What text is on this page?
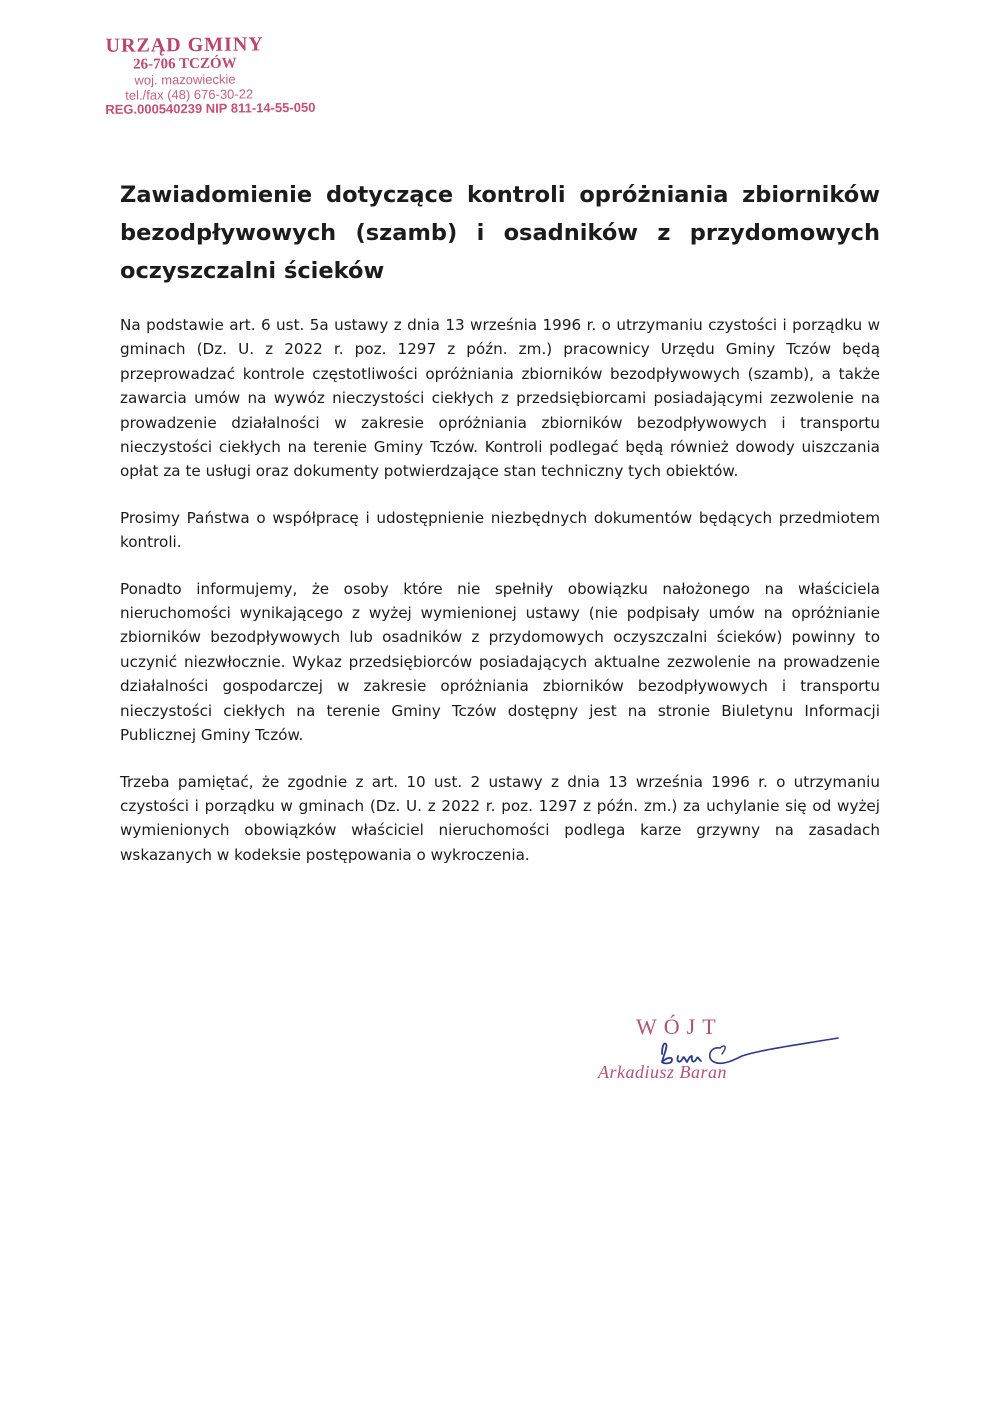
URZĄD GMINY
26-706 TCZÓW
woj. mazowieckie
tel./fax (48) 676-30-22
REG.000540239 NIP 811-14-55-050
Zawiadomienie dotyczące kontroli opróżniania zbiorników bezodpływowych (szamb) i osadników z przydomowych oczyszczalni ścieków

Na podstawie art. 6 ust. 5a ustawy z dnia 13 września 1996 r. o utrzymaniu czystości i porządku w gminach (Dz. U. z 2022 r. poz. 1297 z późn. zm.) pracownicy Urzędu Gminy Tczów będą przeprowadzać kontrole częstotliwości opróżniania zbiorników bezodpływowych (szamb), a także zawarcia umów na wywóz nieczystości ciekłych z przedsiębiorcami posiadającymi zezwolenie na prowadzenie działalności w zakresie opróżniania zbiorników bezodpływowych i transportu nieczystości ciekłych na terenie Gminy Tczów. Kontroli podlegać będą również dowody uiszczania opłat za te usługi oraz dokumenty potwierdzające stan techniczny tych obiektów.

Prosimy Państwa o współpracę i udostępnienie niezbędnych dokumentów będących przedmiotem kontroli.

Ponadto informujemy, że osoby które nie spełniły obowiązku nałożonego na właściciela nieruchomości wynikającego z wyżej wymienionej ustawy (nie podpisały umów na opróżnianie zbiorników bezodpływowych lub osadników z przydomowych oczyszczalni ścieków) powinny to uczynić niezwłocznie. Wykaz przedsiębiorców posiadających aktualne zezwolenie na prowadzenie działalności gospodarczej w zakresie opróżniania zbiorników bezodpływowych i transportu nieczystości ciekłych na terenie Gminy Tczów dostępny jest na stronie Biuletynu Informacji Publicznej Gminy Tczów.

Trzeba pamiętać, że zgodnie z art. 10 ust. 2 ustawy z dnia 13 września 1996 r. o utrzymaniu czystości i porządku w gminach (Dz. U. z 2022 r. poz. 1297 z późn. zm.) za uchylanie się od wyżej wymienionych obowiązków właściciel nieruchomości podlega karze grzywny na zasadach wskazanych w kodeksie postępowania o wykroczenia.

WÓJT
Arkadiusz Baran
